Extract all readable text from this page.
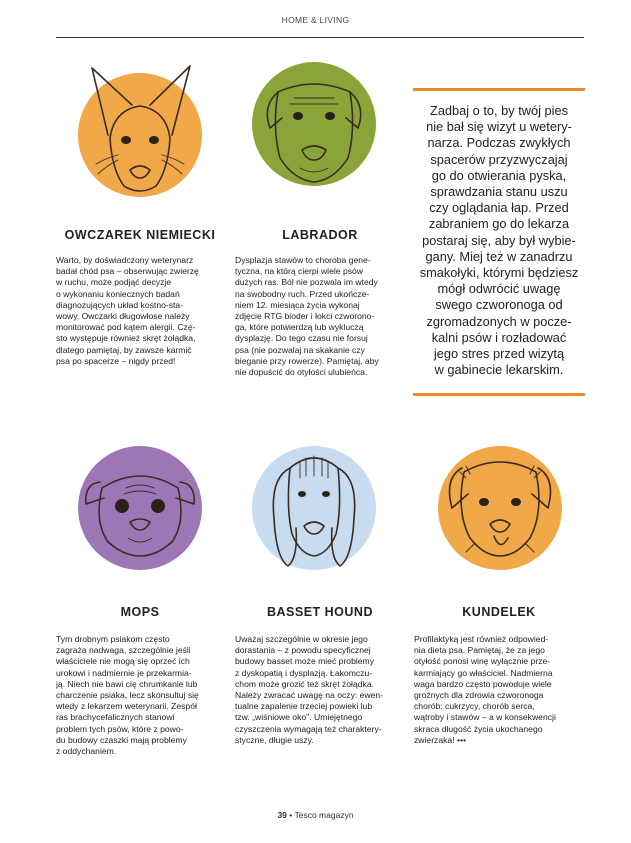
HOME & LIVING
OWCZAREK NIEMIECKI	LABRADOR
MOPS	BASSET HOUND	KUNDELEK
Warto, by doświadczony weterynarz
badał chód psa – obserwując zwierzę
w ruchu, może podjąć decyzje
o wykonaniu koniecznych badań
diagnozujących układ kostno-sta-
wowy. Owczarki długowłose należy
monitorować pod kątem alergii. Czę-
sto występuje również skręt żołądka,
dlatego pamiętaj, by zawsze karmić
psa po spacerze – nigdy przed!
Dysplazja stawów to choroba gene-
tyczna, na którą cierpi wiele psów
dużych ras. Ból nie pozwala im wtedy
na swobodny ruch. Przed ukończe-
niem 12. miesiąca życia wykonaj
zdjęcie RTG bioder i łokci czworono-
ga, które potwierdzą lub wykluczą
dysplazję. Do tego czasu nie forsuj
psa (nie pozwalaj na skakanie czy
bieganie przy rowerze). Pamiętaj, aby
nie dopuścić do otyłości ulubieńca.
Tym drobnym psiakom często
zagraża nadwaga, szczególnie jeśli
właściciele nie mogą się oprzeć ich
urokowi i nadmiernie je przekarmia-
ją. Niech nie bawi cię chrumkanie lub
charczenie psiaka, lecz skonsultuj się
wtedy z lekarzem weterynarii. Zespół
ras brachycefalicznych stanowi
problem tych psów, które z powo-
du budowy czaszki mają problemy
z oddychaniem.
Uważaj szczególnie w okresie jego
dorastania – z powodu specyficznej
budowy basset może mieć problemy
z dyskopatią i dysplazją. Łakomczu-
chom może grozić też skręt żołądka.
Należy zwracać uwagę na oczy: ewen-
tualne zapalenie trzeciej powieki lub
tzw. „wiśniowe oko". Umiejętnego
czyszczenia wymagają też charaktery-
styczne, długie uszy.
Profilaktyką jest również odpowied-
nia dieta psa. Pamiętaj, że za jego
otyłość ponosi winę wyłącznie prze-
karmiający go właściciel. Nadmierna
waga bardzo często powoduje wiele
groźnych dla zdrowia czworonoga
chorób: cukrzycy, chorób serca,
wątroby i stawów – a w konsekwencji
skraca długość życia ukochanego
zwierzaka! •••
Zadbaj o to, by twój pies
nie bał się wizyt u wetery-
narza. Podczas zwykłych
spacerów przyzwyczajaj
go do otwierania pyska,
sprawdzania stanu uszu
czy oglądania łap. Przed
zabraniem go do lekarza
postaraj się, aby był wybie-
gany. Miej też w zanadrzu
smakołyki, którymi będziesz
mógł odwrócić uwagę
swego czworonoga od
zgromadzonych w pocze-
kalni psów i rozładować
jego stres przed wizytą
w gabinecie lekarskim.
39 • Tesco magazyn
